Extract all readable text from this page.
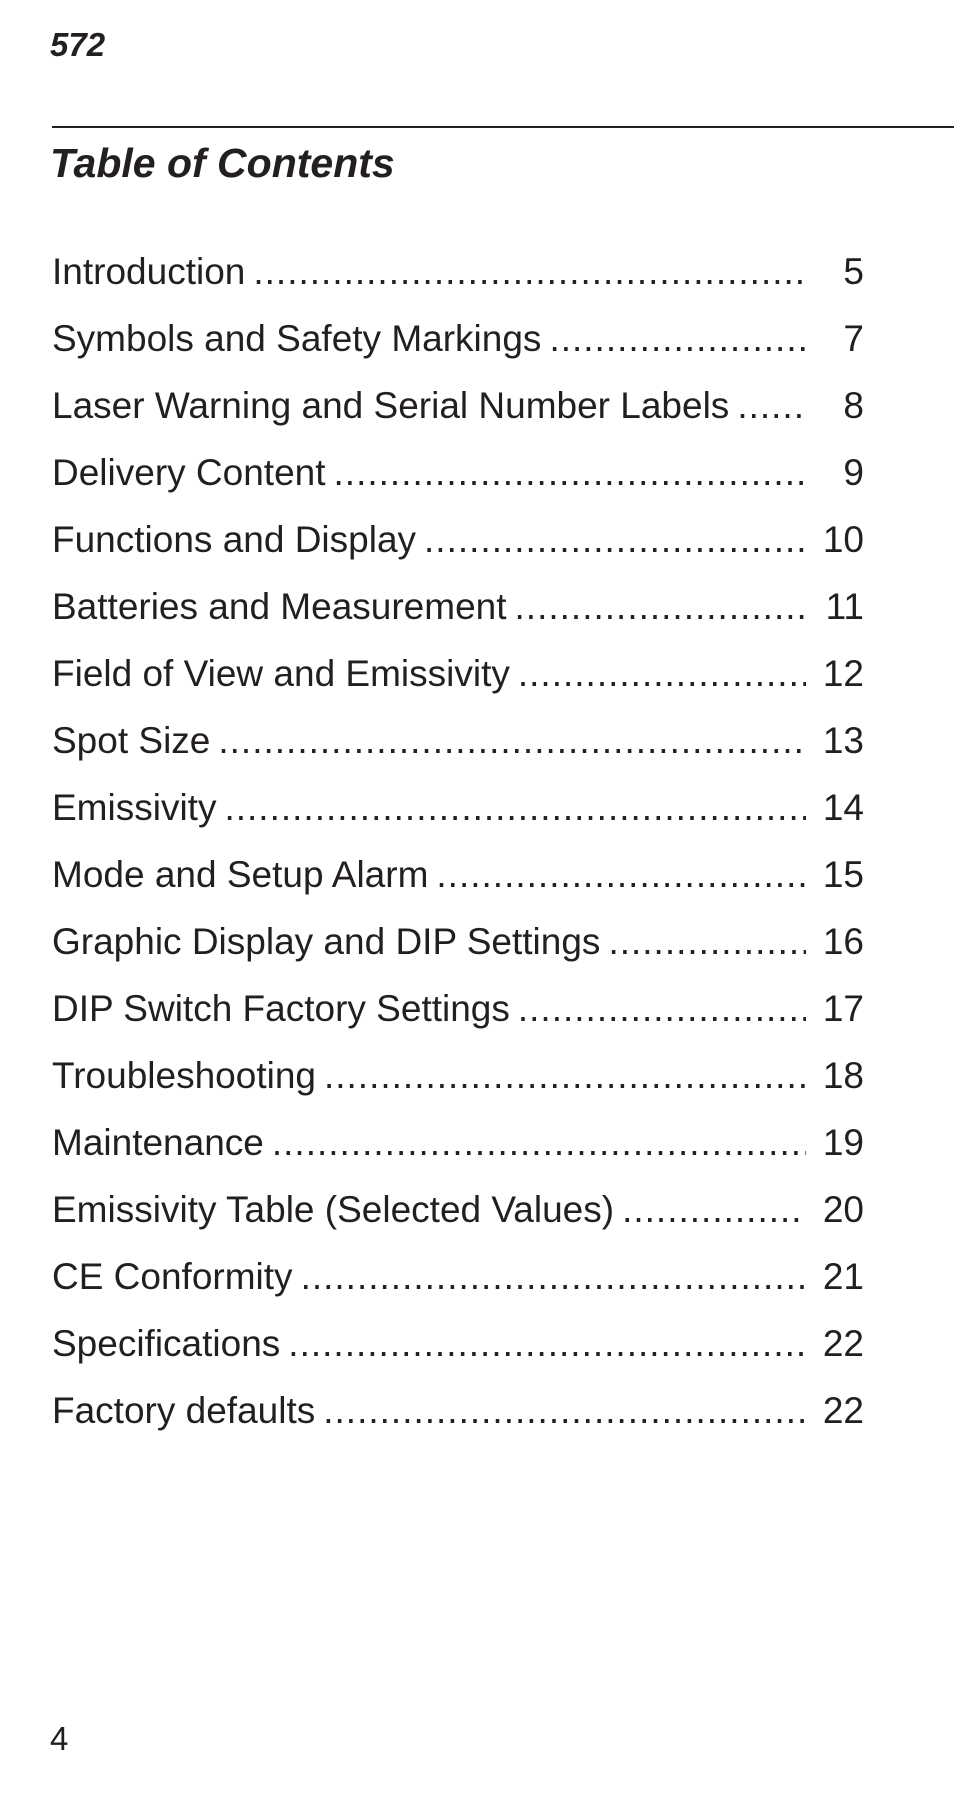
572

Table of Contents
Introduction .....	5
Symbols and Safety Markings .....	7
Laser Warning and Serial Number Labels .....	8
Delivery Content .....	9
Functions and Display .....	10
Batteries and Measurement .....	11
Field of View and Emissivity .....	12
Spot Size .....	13
Emissivity .....	14
Mode and Setup Alarm .....	15
Graphic Display and DIP Settings .....	16
DIP Switch Factory Settings .....	17
Troubleshooting .....	18
Maintenance .....	19
Emissivity Table (Selected Values) .....	20
CE Conformity .....	21
Specifications .....	22
Factory defaults .....	22

4
